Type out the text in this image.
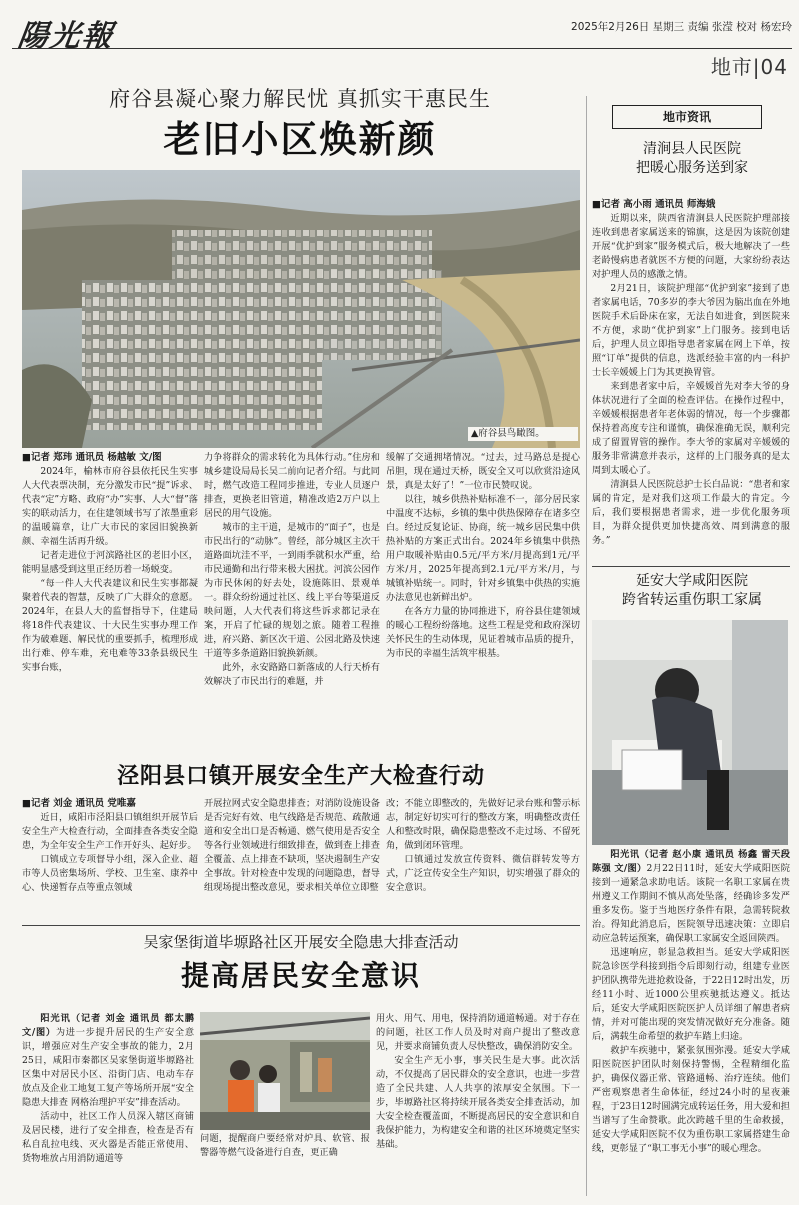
陽光報	2025年2月26日 星期三 责编 张滢 校对 杨宏玲
地市|04
府谷县凝心聚力解民忧 真抓实干惠民生
老旧小区焕新颜
▲府谷县鸟瞰图。
■记者 郑玮 通讯员 杨越敏 文/图

2024年，榆林市府谷县依托民生实事人大代表票决制，充分激发市民“提”诉求、代表“定”方略、政府“办”实事、人大“督”落实的联动活力，在住建领域书写了浓墨重彩的温暖篇章，让广大市民的家园旧貌换新颜、幸福生活再升级。

记者走进位于河滨路社区的老旧小区，能明显感受到这里正经历着一场蜕变。

“每一件人大代表建议和民生实事都凝聚着代表的智慧，反映了广大群众的意愿。2024年，在县人大的监督指导下，住建局将18件代表建议、十大民生实事办理工作作为破难题、解民忧的重要抓手，梳理形成出行难、停车难，充电难等33条县级民生实事台账，

力争将群众的需求转化为具体行动。”住房和城乡建设局局长吴二前向记者介绍。与此同时，燃气改造工程同步推进，专业人员逐户排查，更换老旧管道，精准改造2万户以上居民的用气设施。

城市的主干道，是城市的“面子”，也是市民出行的“动脉”。曾经，部分城区主次干道路面坑洼不平，一到雨季就积水严重，给市民通勤和出行带来极大困扰。河滨公园作为市民休闲的好去处，设施陈旧、景观单一。群众纷纷通过社区、线上平台等渠道反映问题，人大代表们将这些诉求都记录在案，开启了忙碌的规划之旅。随着工程推进，府兴路、新区次干道、公园北路及快速干道等多条道路旧貌换新颜。

此外，永安路路口新落成的人行天桥有效解决了市民出行的难题，并

缓解了交通拥堵情况。“过去，过马路总是提心吊胆，现在通过天桥，既安全又可以欣赏沿途风景，真是太好了！”一位市民赞叹说。

以往，城乡供热补贴标准不一，部分居民家中温度不达标，乡镇的集中供热保障存在诸多空白。经过反复论证、协商，统一城乡居民集中供热补贴的方案正式出台。2024年乡镇集中供热用户取暖补贴由0.5元/平方米/月提高到1元/平方米/月，2025年提高到2.1元/平方米/月，与城镇补贴统一。同时，针对乡镇集中供热的实施办法意见也新鲜出炉。

在各方力量的协同推进下，府谷县住建领域的暖心工程纷纷落地。这些工程是党和政府深切关怀民生的生动体现，见证着城市品质的提升，为市民的幸福生活筑牢根基。

泾阳县口镇开展安全生产大检查行动
■记者 刘金 通讯员 党唯嘉

近日，咸阳市泾阳县口镇组织开展节后安全生产大检查行动，全面排查各类安全隐患，为全年安全生产工作开好头、起好步。

口镇成立专项督导小组，深入企业、超市等人员密集场所、学校、卫生室、康养中心、快递暂存点等重点领域

开展拉网式安全隐患排查；对消防设施设备是否完好有效、电气线路是否规范、疏散通道和安全出口是否畅通、燃气使用是否安全等各行业领域进行细致排查，做到查上排查全覆盖、点上排查不缺项，坚决遏制生产安全事故。针对检查中发现的问题隐患，督导组现场提出整改意见，要求相关单位立即整

改；不能立即整改的，先做好记录台账和警示标志，制定好切实可行的整改方案，明确整改责任人和整改时限，确保隐患整改不走过场、不留死角，做到闭环管理。

口镇通过发放宣传资料、微信群转发等方式，广泛宣传安全生产知识，切实增强了群众的安全意识。

吴家堡街道毕塬路社区开展安全隐患大排查活动
提高居民安全意识

阳光讯（记者 刘金 通讯员 都太鹏 文/图）为进一步提升居民的生产安全意识，增强应对生产安全事故的能力，2月25日，咸阳市秦都区吴家堡街道毕塬路社区集中对居民小区、沿街门店、电动车存放点及企业工地复工复产等场所开展“安全隐患大排查 网格治理护平安”排查活动。

活动中，社区工作人员深入辖区商铺及居民楼，进行了安全排查，检查是否有私自乱拉电线、灭火器是否能正常使用、货物堆放占用消防通道等

问题，提醒商户要经常对炉具、软管、报警器等燃气设备进行自查，更正确

用火、用气、用电，保持消防通道畅通。对于存在的问题，社区工作人员及时对商户提出了整改意见，并要求商铺负责人尽快整改，确保消防安全。

安全生产无小事，事关民生是大事。此次活动，不仅提高了居民群众的安全意识，也进一步营造了全民共建、人人共享的浓厚安全氛围。下一步，毕塬路社区将持续开展各类安全排查活动，加大安全检查覆盖面，不断提高居民的安全意识和自我保护能力，为构建安全和谐的社区环境奠定坚实基础。

地市资讯
清涧县人民医院
把暖心服务送到家
■记者 高小雨 通讯员 师海娥

近期以来，陕西省清涧县人民医院护理部接连收到患者家属送来的锦旗，这是因为该院创建开展“优护到家”服务模式后，极大地解决了一些老龄慢病患者就医不方便的问题，大家纷纷表达对护理人员的感激之情。

2月21日，该院护理部“优护到家”接到了患者家属电话，70多岁的李大爷因为脑出血在外地医院手术后卧床在家，无法自如进食，到医院来不方便，求助“优护到家”上门服务。接到电话后，护理人员立即指导患者家属在网上下单，按照“订单”提供的信息，选派经验丰富的内一科护士长辛媛媛上门为其更换胃管。

来到患者家中后，辛媛媛首先对李大爷的身体状况进行了全面的检查评估。在操作过程中，辛媛媛根据患者年老体弱的情况，每一个步骤都保持着高度专注和谨慎，确保准确无误，顺利完成了留置胃管的操作。李大爷的家属对辛媛媛的服务非常满意并表示，这样的上门服务真的是太周到太暖心了。

清涧县人民医院总护士长白品说：“患者和家属的肯定，是对我们这项工作最大的肯定。今后，我们要根据患者需求，进一步优化服务项目，为群众提供更加快捷高效、周到满意的服务。”

延安大学咸阳医院
跨省转运重伤职工家属

阳光讯（记者 赵小康 通讯员 杨鑫 雷天段 陈强 文/图）2月22日11时，延安大学咸阳医院接到一通紧急求助电话。该院一名职工家属在贵州遵义工作期间不慎从高处坠落，经确诊多发严重多发伤。鉴于当地医疗条件有限，急需转院救治。得知此消息后，医院领导迅速决策：立即启动应急转运预案，确保职工家属安全返回陕西。

迅速响应，彰显急救担当。延安大学咸阳医院急诊医学科接到指令后即刻行动，组建专业医护团队携带先进抢救设备，于22日12时出发，历经11小时、近1000公里疾驰抵达遵义。抵达后，延安大学咸阳医院医护人员详细了解患者病情，并对可能出现的突发情况做好充分准备。随后，满载生命希望的救护车踏上归途。

救护车疾驰中，紧张氛围弥漫。延安大学咸阳医院医护团队时刻保持警惕，全程精细化监护，确保仪器正常、管路通畅、治疗连续。他们严密观察患者生命体征，经过24小时的星夜兼程，于23日12时圆满完成转运任务，用大爱和担当谱写了生命赞歌。此次跨越千里的生命救援，延安大学咸阳医院不仅为重伤职工家属搭建生命线，更彰显了“职工事无小事”的暖心理念。
